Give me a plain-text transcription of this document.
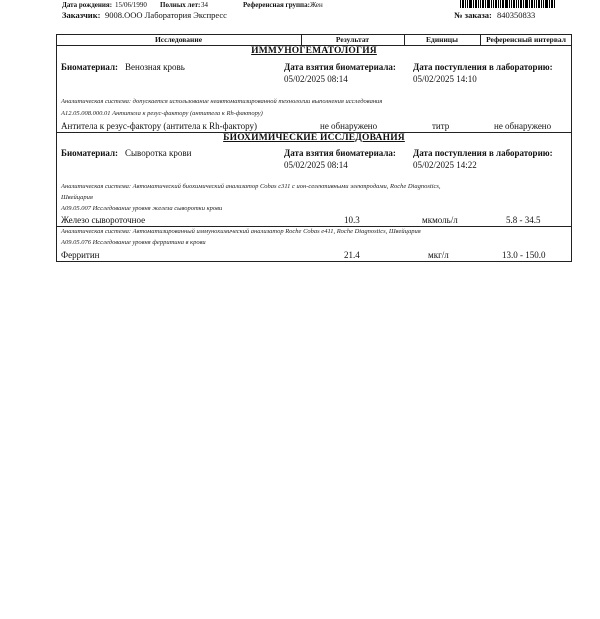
Дата рождения: 15/06/1990 Полных лет: 34	Референсная группа: Жен
Заказчик: 9008.ООО Лаборатория Экспресс	№ заказа: 840350833
Исследование	Результат	Единицы	Референсный интервал
ИММУНОГЕМАТОЛОГИЯ
Биоматериал: Венозная кровь	Дата взятия биоматериала:
05/02/2025 08:14
Дата поступления в лабораторию:
05/02/2025 14:10
Аналитическая система: допускается использование неавтоматизированной технологии выполнения исследования
А12.05.008.000.01 Антитела к резус-фактору (антитела к Rh-фактору)
Антитела к резус-фактору (антитела к Rh-фактору)	не обнаружено	титр	не обнаружено
БИОХИМИЧЕСКИЕ ИССЛЕДОВАНИЯ
Биоматериал: Сыворотка крови	Дата взятия биоматериала:
05/02/2025 08:14
Дата поступления в лабораторию:
05/02/2025 14:22
Аналитическая система: Автоматический биохимический анализатор Cobas c311 с ион-селективными электродами, Roche Diagnostics,
Швейцария
А09.05.007 Исследование уровня железа сыворотки крови
Железо сывороточное	10.3	мкмоль/л	5.8 - 34.5
Аналитическая система: Автоматизированный иммунохимический анализатор Roche Cobas e411, Roche Diagnostics, Швейцария
А09.05.076 Исследование уровня ферритина в крови
Ферритин	21.4	мкг/л	13.0 - 150.0
